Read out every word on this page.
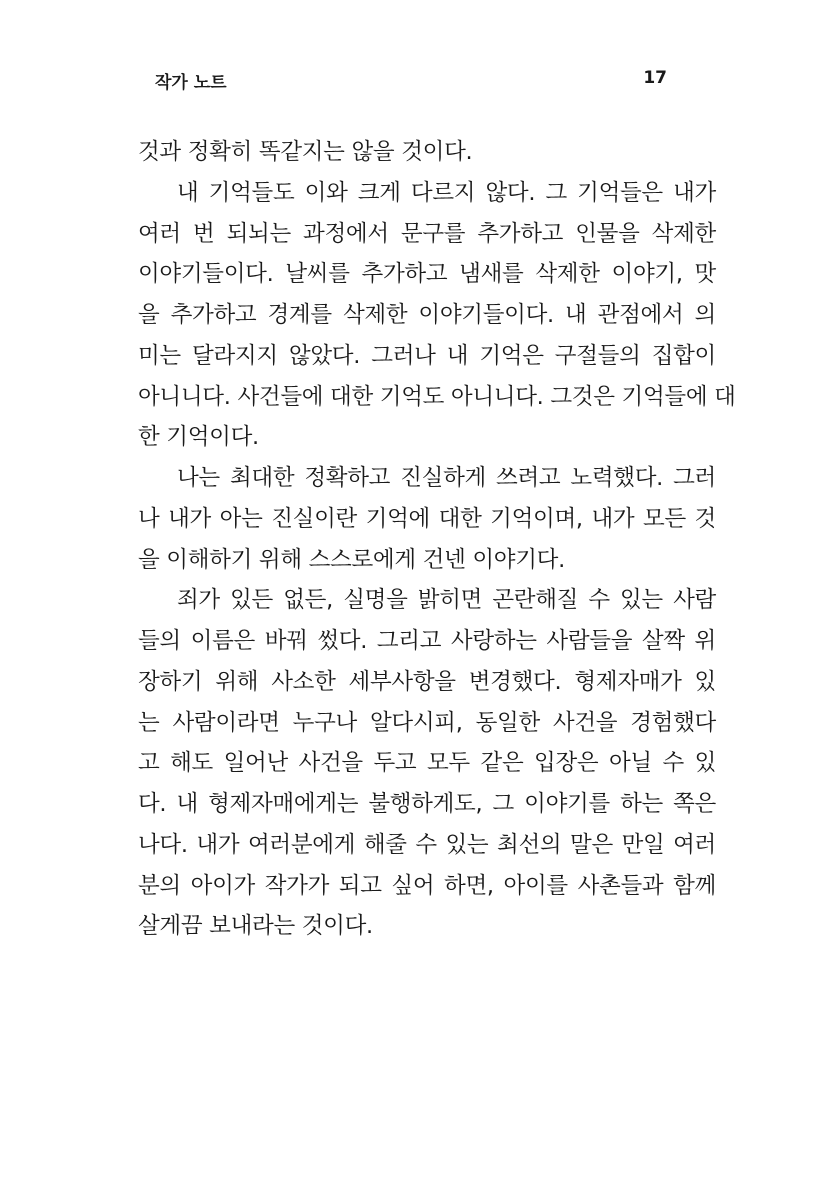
작가 노트	17
것과 정확히 똑같지는 않을 것이다.
내 기억들도 이와 크게 다르지 않다. 그 기억들은 내가
여러 번 되뇌는 과정에서 문구를 추가하고 인물을 삭제한
이야기들이다. 날씨를 추가하고 냄새를 삭제한 이야기, 맛
을 추가하고 경계를 삭제한 이야기들이다. 내 관점에서 의
미는 달라지지 않았다. 그러나 내 기억은 구절들의 집합이
아니니다. 사건들에 대한 기억도 아니니다. 그것은 기억들에 대
한 기억이다.
나는 최대한 정확하고 진실하게 쓰려고 노력했다. 그러
나 내가 아는 진실이란 기억에 대한 기억이며, 내가 모든 것
을 이해하기 위해 스스로에게 건넨 이야기다.
죄가 있든 없든, 실명을 밝히면 곤란해질 수 있는 사람
들의 이름은 바꿔 썼다. 그리고 사랑하는 사람들을 살짝 위
장하기 위해 사소한 세부사항을 변경했다. 형제자매가 있
는 사람이라면 누구나 알다시피, 동일한 사건을 경험했다
고 해도 일어난 사건을 두고 모두 같은 입장은 아닐 수 있
다. 내 형제자매에게는 불행하게도, 그 이야기를 하는 쪽은
나다. 내가 여러분에게 해줄 수 있는 최선의 말은 만일 여러
분의 아이가 작가가 되고 싶어 하면, 아이를 사촌들과 함께
살게끔 보내라는 것이다.
